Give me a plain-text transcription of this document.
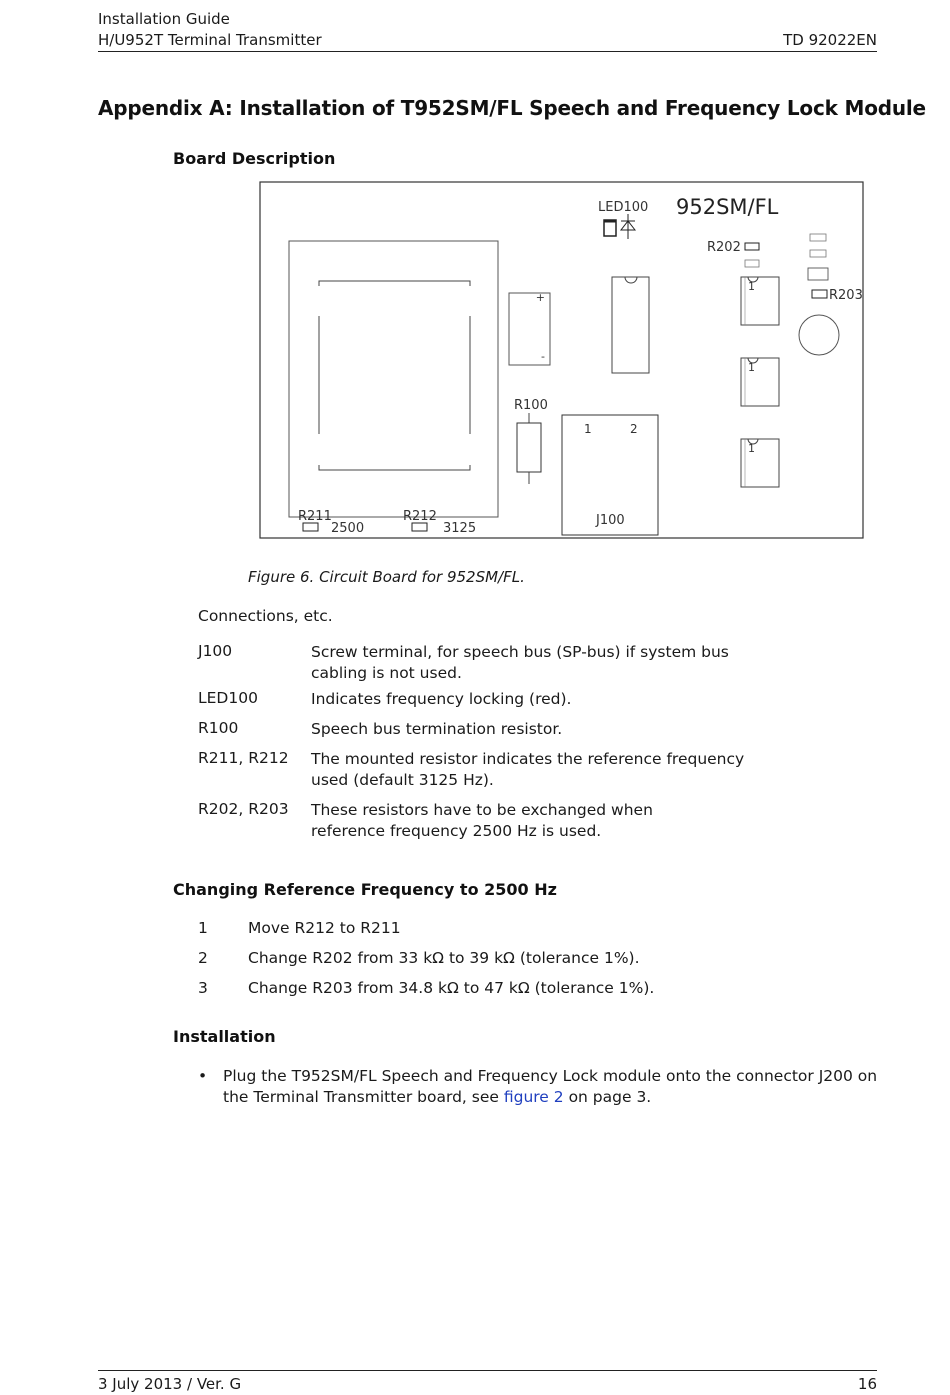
Installation Guide
H/U952T Terminal Transmitter	TD 92022EN
Appendix A: Installation of T952SM/FL Speech and Frequency Lock Module
Board Description
+
-
LED100 952SM/FL
R202
R203
1
1
1
R100
1	2
J100
R211
2500
R212
3125
Figure 6. Circuit Board for 952SM/FL.
Connections, etc.
J100	Screw terminal, for speech bus (SP-bus) if system bus cabling is not used.
LED100	Indicates frequency locking (red).
R100	Speech bus termination resistor.
R211, R212 The mounted resistor indicates the reference frequency used (default 3125 Hz).
R202, R203 These resistors have to be exchanged when reference frequency 2500 Hz is used.
Changing Reference Frequency to 2500 Hz
1	Move R212 to R211
2	Change R202 from 33 kΩ to 39 kΩ (tolerance 1%).
3	Change R203 from 34.8 kΩ to 47 kΩ (tolerance 1%).
Installation
• Plug the T952SM/FL Speech and Frequency Lock module onto the connector J200 on the Terminal Transmitter board, see figure 2 on page 3.
3 July 2013 / Ver. G	16
